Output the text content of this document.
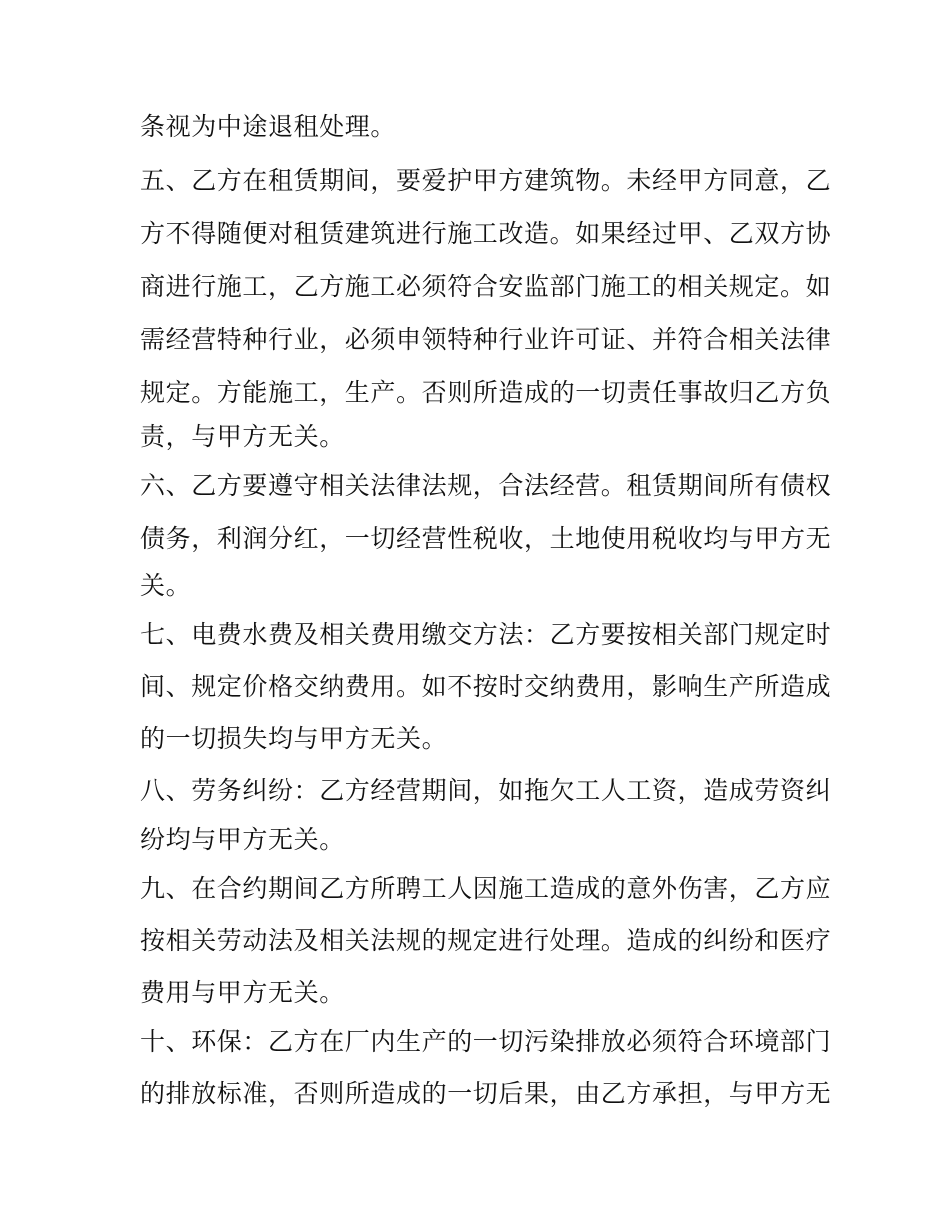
条视为中途退租处理。
五、乙方在租赁期间，要爱护甲方建筑物。未经甲方同意，乙
方不得随便对租赁建筑进行施工改造。如果经过甲、乙双方协
商进行施工，乙方施工必须符合安监部门施工的相关规定。如
需经营特种行业，必须申领特种行业许可证、并符合相关法律
规定。方能施工，生产。否则所造成的一切责任事故归乙方负
责，与甲方无关。
六、乙方要遵守相关法律法规，合法经营。租赁期间所有债权
债务，利润分红，一切经营性税收，土地使用税收均与甲方无
关。
七、电费水费及相关费用缴交方法：乙方要按相关部门规定时
间、规定价格交纳费用。如不按时交纳费用，影响生产所造成
的一切损失均与甲方无关。
八、劳务纠纷：乙方经营期间，如拖欠工人工资，造成劳资纠
纷均与甲方无关。
九、在合约期间乙方所聘工人因施工造成的意外伤害，乙方应
按相关劳动法及相关法规的规定进行处理。造成的纠纷和医疗
费用与甲方无关。
十、环保：乙方在厂内生产的一切污染排放必须符合环境部门
的排放标准，否则所造成的一切后果，由乙方承担，与甲方无
